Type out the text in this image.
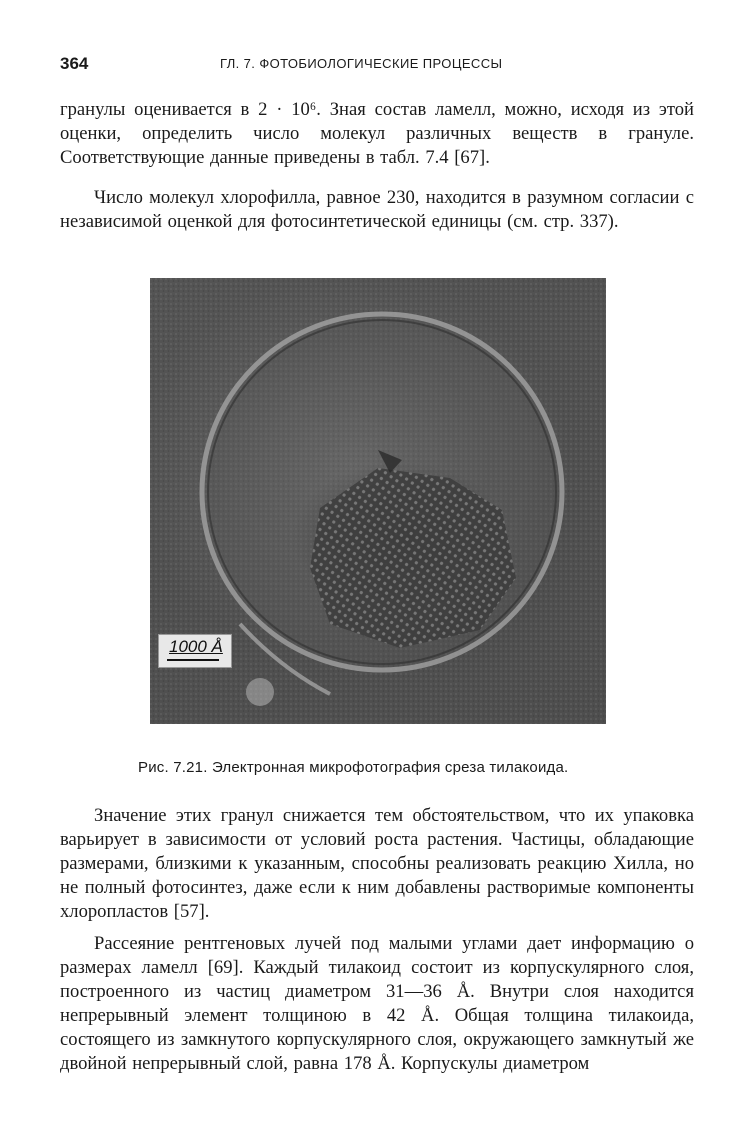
364	ГЛ. 7. ФОТОБИОЛОГИЧЕСКИЕ ПРОЦЕССЫ

гранулы оценивается в 2 · 10⁶. Зная состав ламелл, можно, исходя из этой оценки, определить число молекул различных веществ в грануле. Соответствующие данные приведены в табл. 7.4 [67].

Число молекул хлорофилла, равное 230, находится в разумном согласии с независимой оценкой для фотосинтетической единицы (см. стр. 337).

1000 Å
Рис. 7.21. Электронная микрофотография среза тилакоида.

Значение этих гранул снижается тем обстоятельством, что их упаковка варьирует в зависимости от условий роста растения. Частицы, обладающие размерами, близкими к указанным, способны реализовать реакцию Хилла, но не полный фотосинтез, даже если к ним добавлены растворимые компоненты хлоропластов [57].

Рассеяние рентгеновых лучей под малыми углами дает информацию о размерах ламелл [69]. Каждый тилакоид состоит из корпускулярного слоя, построенного из частиц диаметром 31—36 Å. Внутри слоя находится непрерывный элемент толщиною в 42 Å. Общая толщина тилакоида, состоящего из замкнутого корпускулярного слоя, окружающего замкнутый же двойной непрерывный слой, равна 178 Å. Корпускулы диаметром
